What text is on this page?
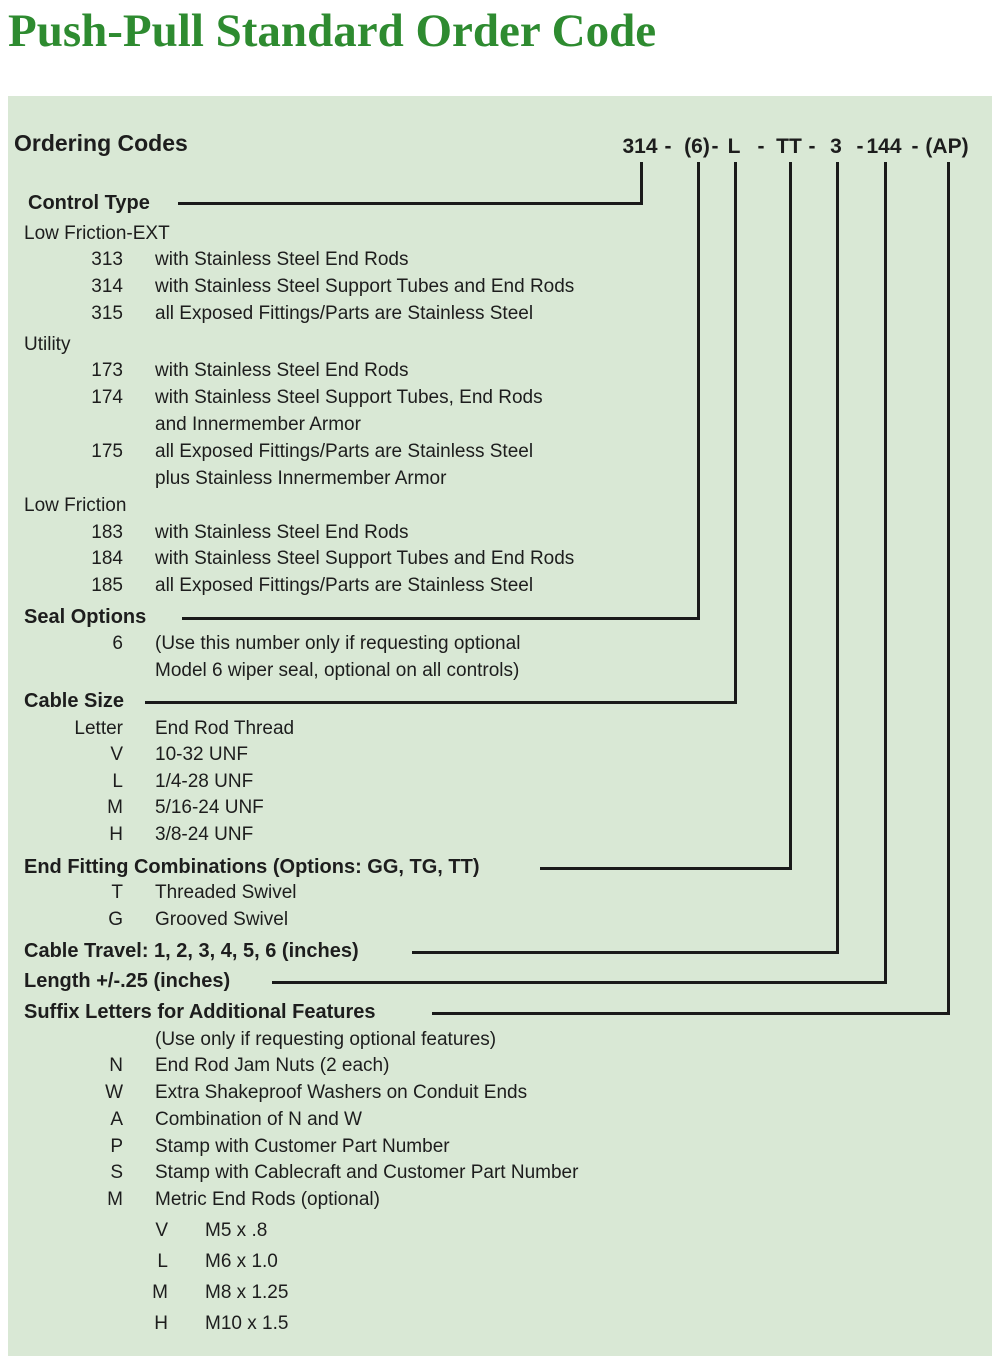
Push-Pull Standard Order Code
Ordering Codes	314 - (6) - L - TT - 3 - 144 - (AP)
Control Type
Low Friction-EXT
313 with Stainless Steel End Rods
314 with Stainless Steel Support Tubes and End Rods
315 all Exposed Fittings/Parts are Stainless Steel
Utility
173 with Stainless Steel End Rods
174 with Stainless Steel Support Tubes, End Rods
and Innermember Armor
175 all Exposed Fittings/Parts are Stainless Steel
plus Stainless Innermember Armor
Low Friction
183 with Stainless Steel End Rods
184 with Stainless Steel Support Tubes and End Rods
185 all Exposed Fittings/Parts are Stainless Steel
Seal Options
6 (Use this number only if requesting optional
Model 6 wiper seal, optional on all controls)
Cable Size
Letter End Rod Thread
V 10-32 UNF
L 1/4-28 UNF
M 5/16-24 UNF
H 3/8-24 UNF
End Fitting Combinations (Options: GG, TG, TT)
T Threaded Swivel
G Grooved Swivel
Cable Travel: 1, 2, 3, 4, 5, 6 (inches)
Length +/-.25 (inches)
Suffix Letters for Additional Features
(Use only if requesting optional features)
N End Rod Jam Nuts (2 each)
W Extra Shakeproof Washers on Conduit Ends
A Combination of N and W
P Stamp with Customer Part Number
S Stamp with Cablecraft and Customer Part Number
M Metric End Rods (optional)
V M5 x .8
L M6 x 1.0
M M8 x 1.25
H M10 x 1.5
